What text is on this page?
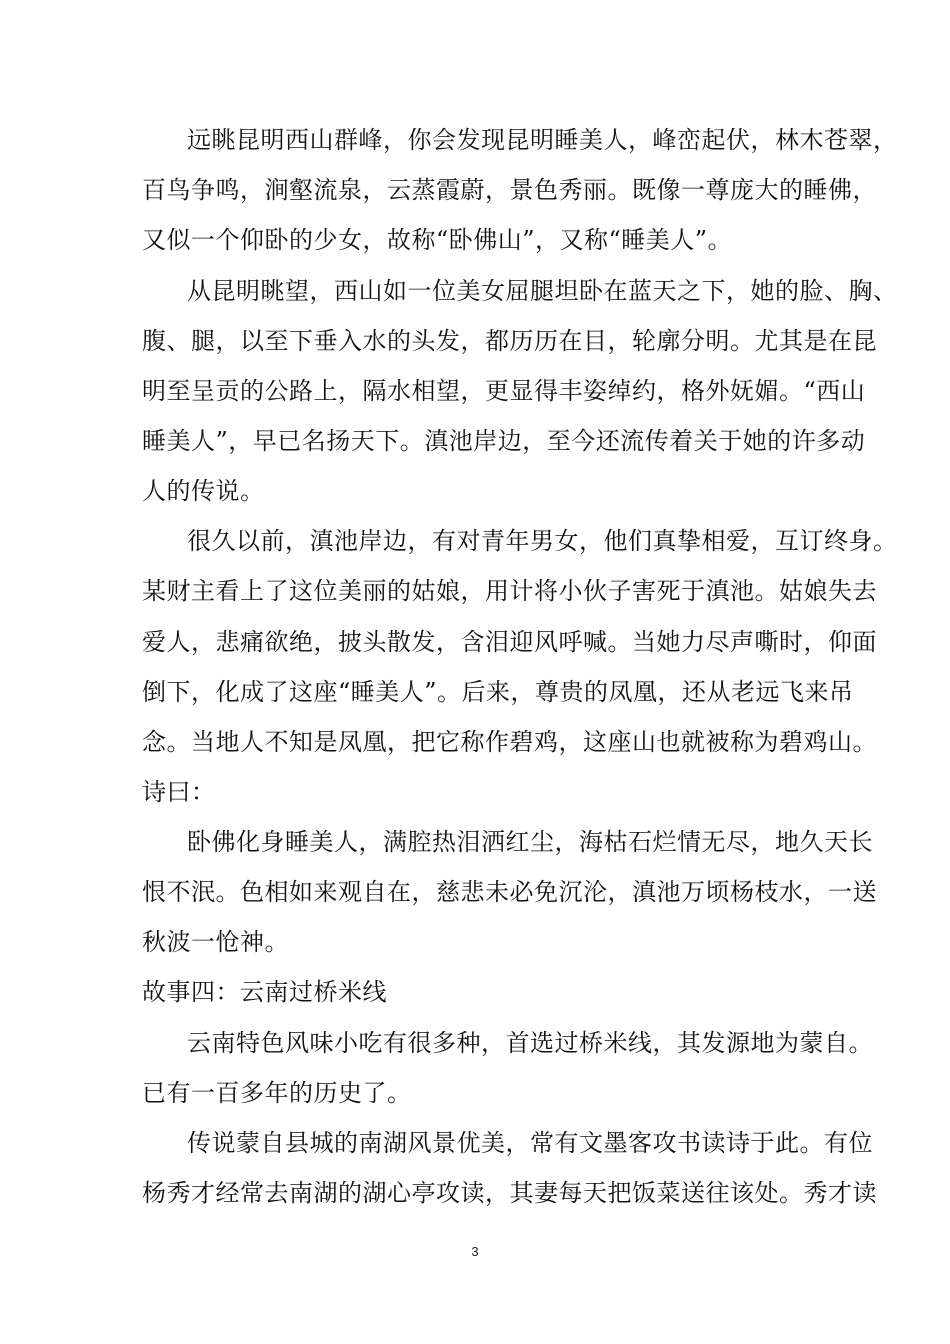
远眺昆明西山群峰，你会发现昆明睡美人，峰峦起伏，林木苍翠，
百鸟争鸣，涧壑流泉，云蒸霞蔚，景色秀丽。既像一尊庞大的睡佛，
又似一个仰卧的少女，故称“卧佛山”，又称“睡美人”。
从昆明眺望，西山如一位美女屈腿坦卧在蓝天之下，她的脸、胸、
腹、腿，以至下垂入水的头发，都历历在目，轮廓分明。尤其是在昆
明至呈贡的公路上，隔水相望，更显得丰姿绰约，格外妩媚。“西山
睡美人”，早已名扬天下。滇池岸边，至今还流传着关于她的许多动
人的传说。
很久以前，滇池岸边，有对青年男女，他们真挚相爱，互订终身。
某财主看上了这位美丽的姑娘，用计将小伙子害死于滇池。姑娘失去
爱人，悲痛欲绝，披头散发，含泪迎风呼喊。当她力尽声嘶时，仰面
倒下，化成了这座“睡美人”。后来，尊贵的凤凰，还从老远飞来吊
念。当地人不知是凤凰，把它称作碧鸡，这座山也就被称为碧鸡山。
诗曰：
卧佛化身睡美人，满腔热泪洒红尘，海枯石烂情无尽，地久天长
恨不泯。色相如来观自在，慈悲未必免沉沦，滇池万顷杨枝水，一送
秋波一怆神。
故事四：云南过桥米线
云南特色风味小吃有很多种，首选过桥米线，其发源地为蒙自。
已有一百多年的历史了。
传说蒙自县城的南湖风景优美，常有文墨客攻书读诗于此。有位
杨秀才经常去南湖的湖心亭攻读，其妻每天把饭菜送往该处。秀才读
3
